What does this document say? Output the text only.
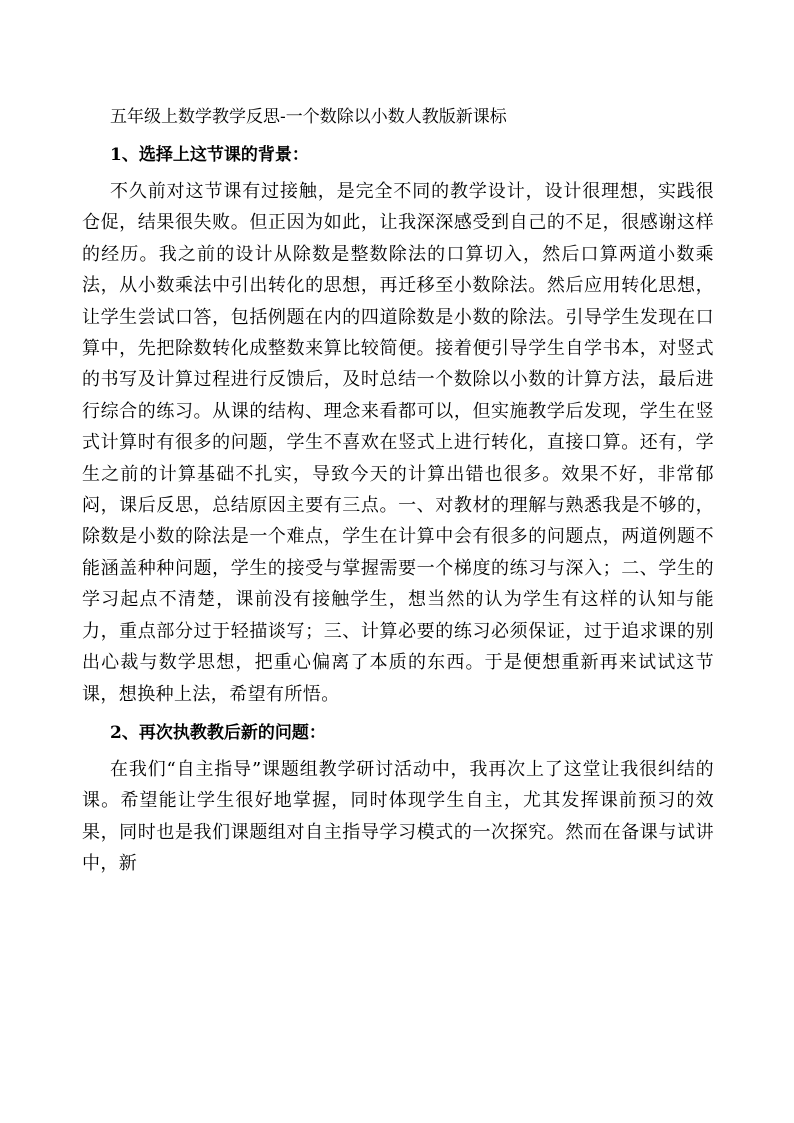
五年级上数学教学反思-一个数除以小数人教版新课标
1、选择上这节课的背景：

不久前对这节课有过接触，是完全不同的教学设计，设计很理想，实践很仓促，结果很失败。但正因为如此，让我深深感受到自己的不足，很感谢这样的经历。我之前的设计从除数是整数除法的口算切入，然后口算两道小数乘法，从小数乘法中引出转化的思想，再迁移至小数除法。然后应用转化思想，让学生尝试口答，包括例题在内的四道除数是小数的除法。引导学生发现在口算中，先把除数转化成整数来算比较简便。接着便引导学生自学书本，对竖式的书写及计算过程进行反馈后，及时总结一个数除以小数的计算方法，最后进行综合的练习。从课的结构、理念来看都可以，但实施教学后发现，学生在竖式计算时有很多的问题，学生不喜欢在竖式上进行转化，直接口算。还有，学生之前的计算基础不扎实，导致今天的计算出错也很多。效果不好，非常郁闷，课后反思，总结原因主要有三点。一、对教材的理解与熟悉我是不够的，除数是小数的除法是一个难点，学生在计算中会有很多的问题点，两道例题不能涵盖种种问题，学生的接受与掌握需要一个梯度的练习与深入；二、学生的学习起点不清楚，课前没有接触学生，想当然的认为学生有这样的认知与能力，重点部分过于轻描谈写；三、计算必要的练习必须保证，过于追求课的别出心裁与数学思想，把重心偏离了本质的东西。于是便想重新再来试试这节课，想换种上法，希望有所悟。

2、再次执教教后新的问题：

在我们“自主指导”课题组教学研讨活动中，我再次上了这堂让我很纠结的课。希望能让学生很好地掌握，同时体现学生自主，尤其发挥课前预习的效果，同时也是我们课题组对自主指导学习模式的一次探究。然而在备课与试讲中，新
